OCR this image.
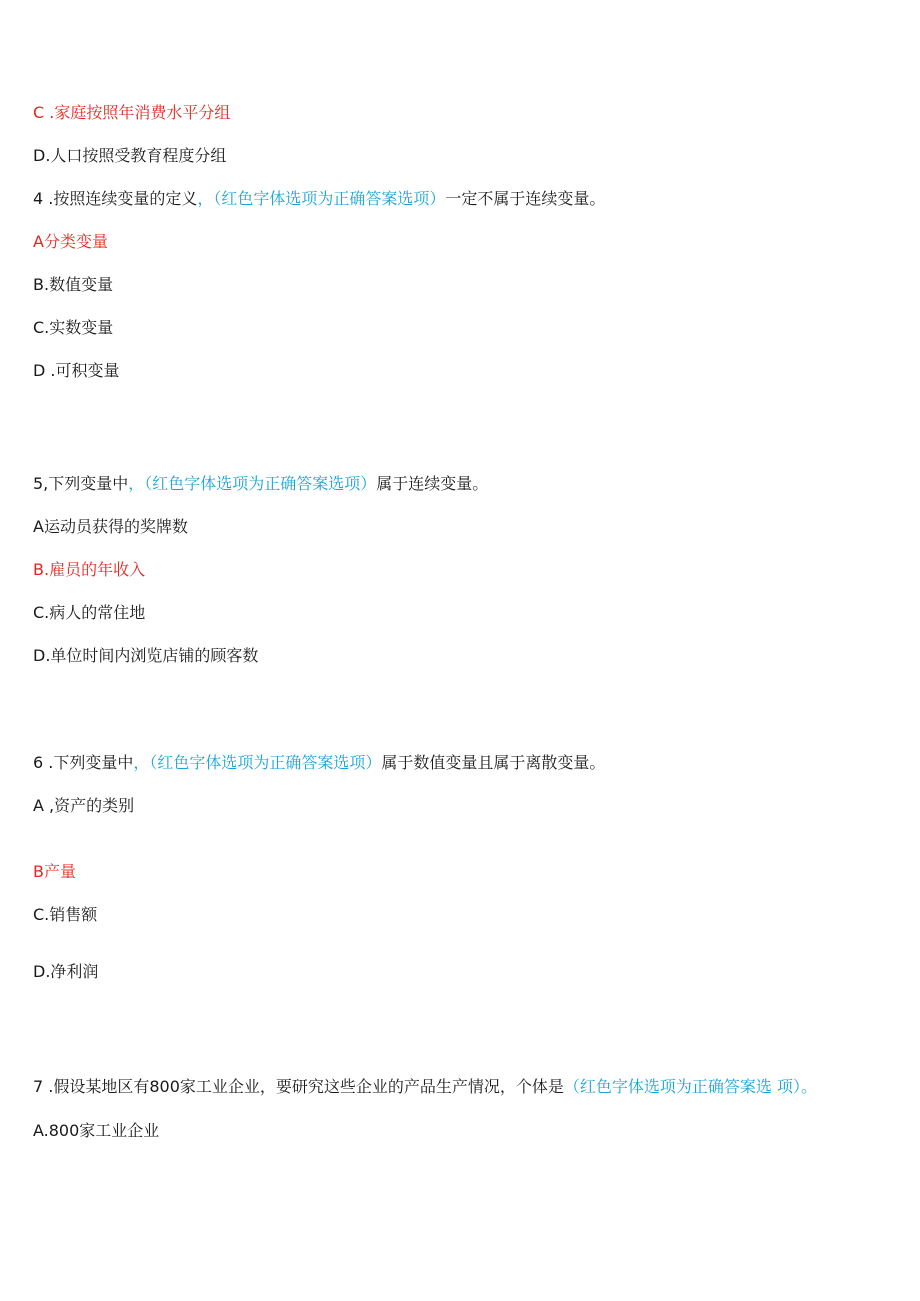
C .家庭按照年消费水平分组
D.人口按照受教育程度分组
4 .按照连续变量的定义，（红色字体选项为正确答案选项）一定不属于连续变量。
A分类变量
B.数值变量
C.实数变量
D .可积变量
5,下列变量中，（红色字体选项为正确答案选项）属于连续变量。
A运动员获得的奖牌数
B.雇员的年收入
C.病人的常住地
D.单位时间内浏览店铺的顾客数
6 .下列变量中，（红色字体选项为正确答案选项）属于数值变量且属于离散变量。
A ,资产的类别
B产量
C.销售额
D.净利润
7 .假设某地区有800家工业企业，要研究这些企业的产品生产情况，个体是（红色字体选项为正确答案选 项）。
A.800家工业企业
